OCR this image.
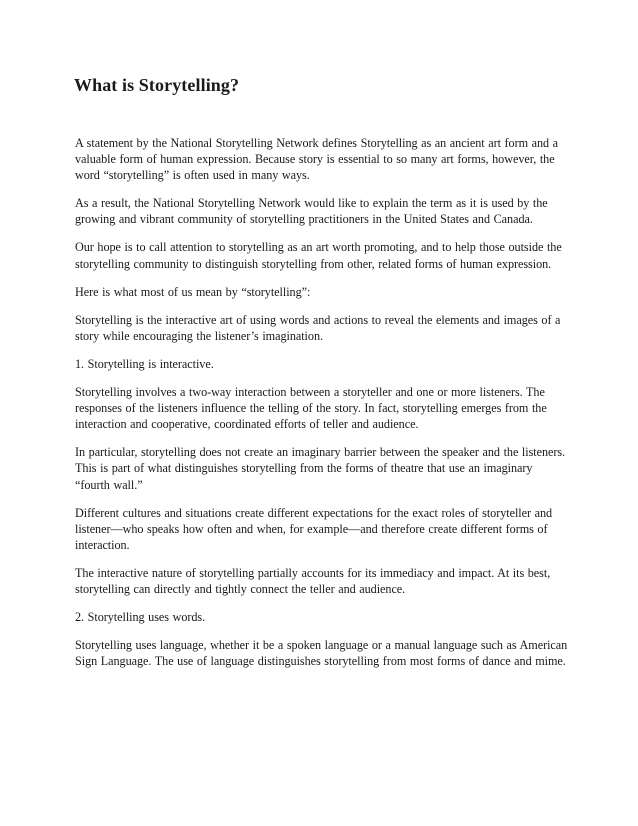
What is Storytelling?

A statement by the National Storytelling Network defines Storytelling as an ancient art form and a valuable form of human expression. Because story is essential to so many art forms, however, the word “storytelling” is often used in many ways.

As a result, the National Storytelling Network would like to explain the term as it is used by the growing and vibrant community of storytelling practitioners in the United States and Canada.

Our hope is to call attention to storytelling as an art worth promoting, and to help those outside the storytelling community to distinguish storytelling from other, related forms of human expression.

Here is what most of us mean by “storytelling”:

Storytelling is the interactive art of using words and actions to reveal the elements and images of a story while encouraging the listener’s imagination.

1. Storytelling is interactive.

Storytelling involves a two-way interaction between a storyteller and one or more listeners. The responses of the listeners influence the telling of the story. In fact, storytelling emerges from the interaction and cooperative, coordinated efforts of teller and audience.

In particular, storytelling does not create an imaginary barrier between the speaker and the listeners. This is part of what distinguishes storytelling from the forms of theatre that use an imaginary “fourth wall.”

Different cultures and situations create different expectations for the exact roles of storyteller and listener—who speaks how often and when, for example—and therefore create different forms of interaction.

The interactive nature of storytelling partially accounts for its immediacy and impact. At its best, storytelling can directly and tightly connect the teller and audience.

2. Storytelling uses words.

Storytelling uses language, whether it be a spoken language or a manual language such as American Sign Language. The use of language distinguishes storytelling from most forms of dance and mime.
